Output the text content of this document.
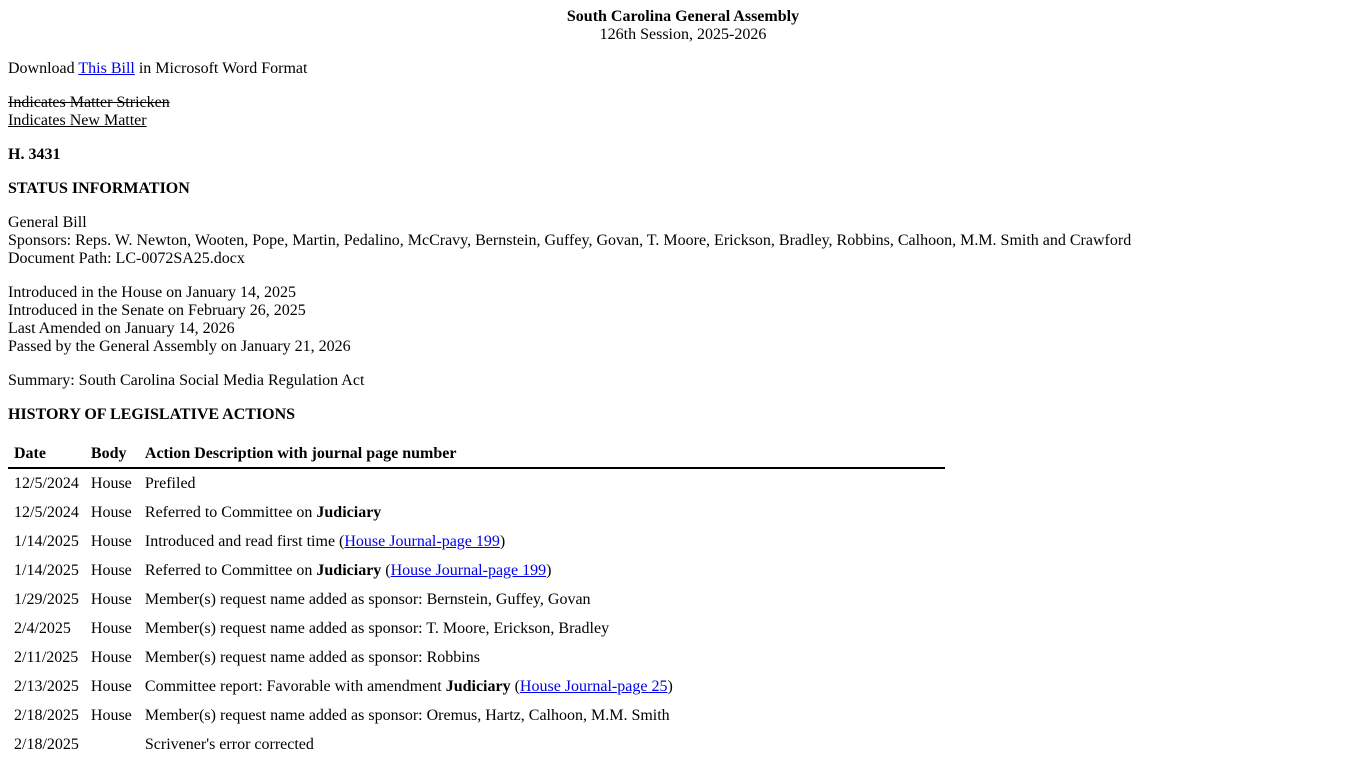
South Carolina General Assembly
126th Session, 2025-2026

Download This Bill in Microsoft Word Format

Indicates Matter Stricken
Indicates New Matter

H. 3431

STATUS INFORMATION

General Bill
Sponsors: Reps. W. Newton, Wooten, Pope, Martin, Pedalino, McCravy, Bernstein, Guffey, Govan, T. Moore, Erickson, Bradley, Robbins, Calhoon, M.M. Smith and Crawford
Document Path: LC-0072SA25.docx
Introduced in the House on January 14, 2025
Introduced in the Senate on February 26, 2025
Last Amended on January 14, 2026
Passed by the General Assembly on January 21, 2026

Summary: South Carolina Social Media Regulation Act

HISTORY OF LEGISLATIVE ACTIONS

Date	Body	Action Description with journal page number
12/5/2024	House	Prefiled
12/5/2024	House	Referred to Committee on Judiciary
1/14/2025	House	Introduced and read first time (House Journal-page 199)
1/14/2025	House	Referred to Committee on Judiciary (House Journal-page 199)
1/29/2025	House	Member(s) request name added as sponsor: Bernstein, Guffey, Govan
2/4/2025	House	Member(s) request name added as sponsor: T. Moore, Erickson, Bradley
2/11/2025	House	Member(s) request name added as sponsor: Robbins
2/13/2025	House	Committee report: Favorable with amendment Judiciary (House Journal-page 25)
2/18/2025	House	Member(s) request name added as sponsor: Oremus, Hartz, Calhoon, M.M. Smith
2/18/2025		Scrivener's error corrected
